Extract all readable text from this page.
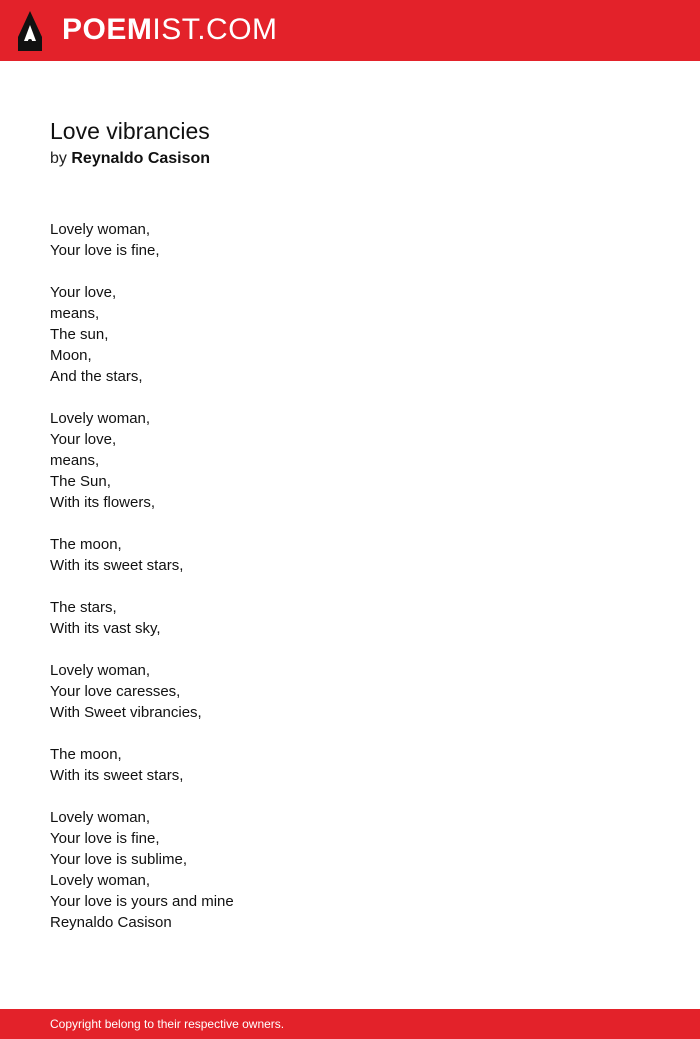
POEMIST.COM
Love vibrancies
by Reynaldo Casison
Lovely woman,
Your love is fine,
Your love,
means,
The sun,
Moon,
And the stars,
Lovely woman,
Your love,
means,
The Sun,
With its flowers,
The moon,
With its sweet stars,
The stars,
With its vast sky,
Lovely woman,
Your love caresses,
With Sweet vibrancies,
The moon,
With its sweet stars,
Lovely woman,
Your love is fine,
Your love is sublime,
Lovely woman,
Your love is yours and mine
Reynaldo Casison
Copyright belong to their respective owners.
